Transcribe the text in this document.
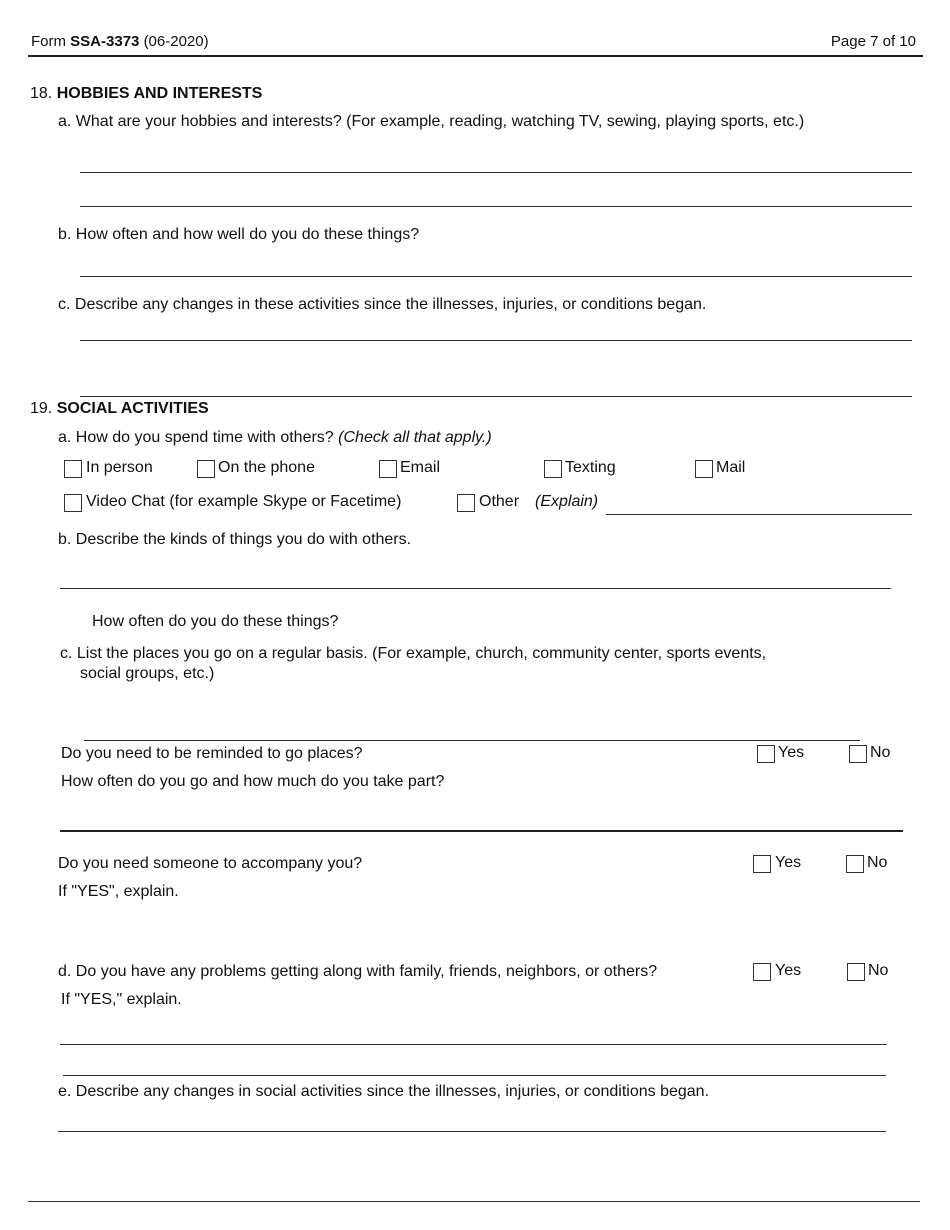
Form SSA-3373 (06-2020)	Page 7 of 10
18. HOBBIES AND INTERESTS
a. What are your hobbies and interests? (For example, reading, watching TV, sewing, playing sports, etc.)
b. How often and how well do you do these things?
c. Describe any changes in these activities since the illnesses, injuries, or conditions began.
19. SOCIAL ACTIVITIES
a. How do you spend time with others? (Check all that apply.)
In person	On the phone	Email	Texting	Mail
Video Chat (for example Skype or Facetime)	Other (Explain)
b. Describe the kinds of things you do with others.
How often do you do these things?
c. List the places you go on a regular basis. (For example, church, community center, sports events,
social groups, etc.)
Do you need to be reminded to go places?	Yes	No
How often do you go and how much do you take part?
Do you need someone to accompany you?	Yes	No
If "YES", explain.
d. Do you have any problems getting along with family, friends, neighbors, or others?	Yes	No
If "YES," explain.
e. Describe any changes in social activities since the illnesses, injuries, or conditions began.
